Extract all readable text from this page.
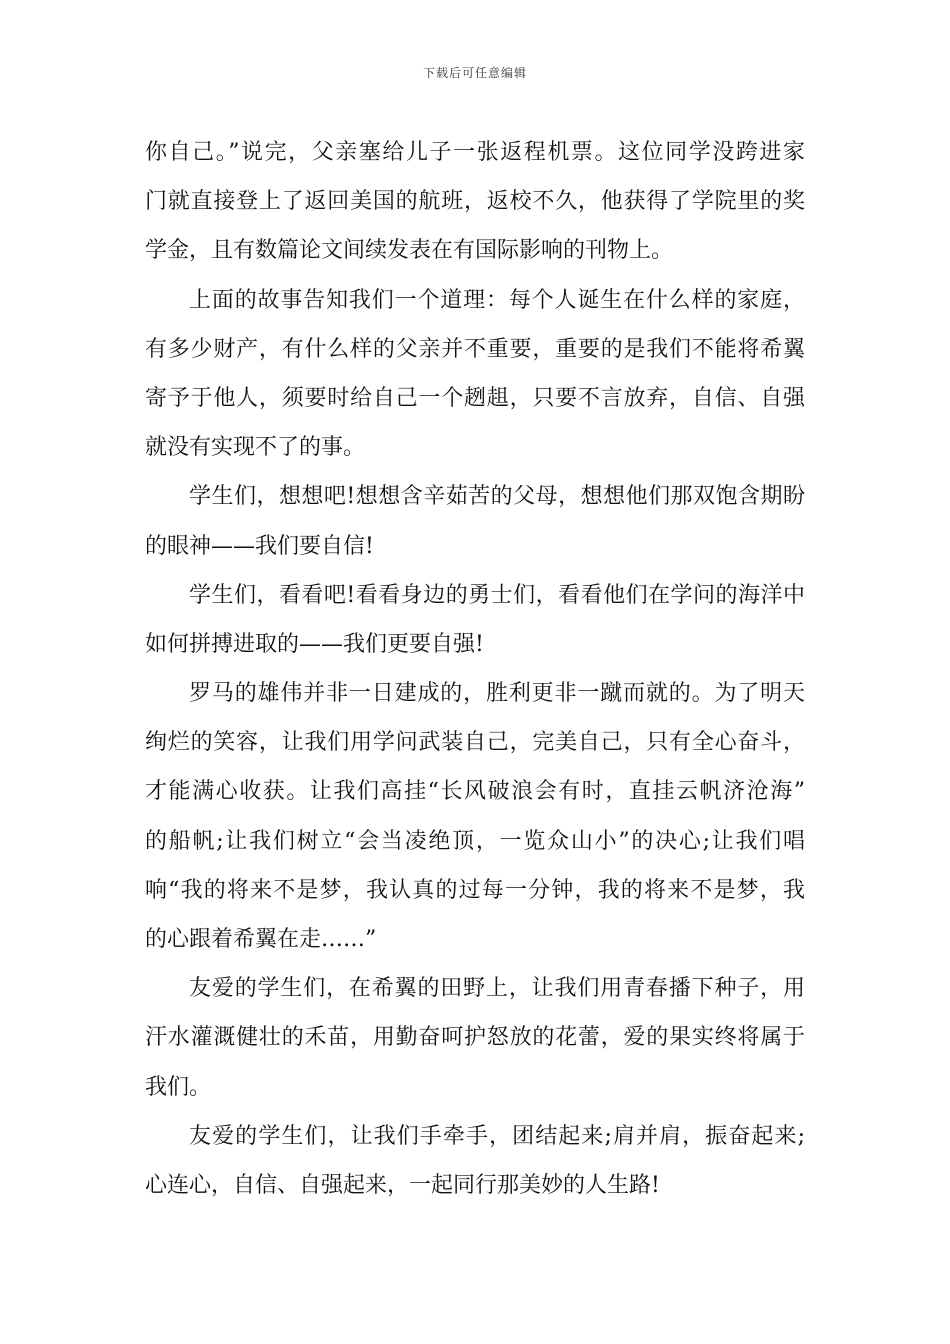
下载后可任意编辑
你自己。”说完，父亲塞给儿子一张返程机票。这位同学没跨进家
门就直接登上了返回美国的航班，返校不久，他获得了学院里的奖
学金，且有数篇论文间续发表在有国际影响的刊物上。
上面的故事告知我们一个道理：每个人诞生在什么样的家庭，
有多少财产，有什么样的父亲并不重要，重要的是我们不能将希翼
寄予于他人，须要时给自己一个趔趄，只要不言放弃，自信、自强
就没有实现不了的事。
学生们，想想吧!想想含辛茹苦的父母，想想他们那双饱含期盼
的眼神——我们要自信!
学生们，看看吧!看看身边的勇士们，看看他们在学问的海洋中
如何拼搏进取的——我们更要自强!
罗马的雄伟并非一日建成的，胜利更非一蹴而就的。为了明天
绚烂的笑容，让我们用学问武装自己，完美自己，只有全心奋斗，
才能满心收获。让我们高挂“长风破浪会有时，直挂云帆济沧海”
的船帆;让我们树立“会当凌绝顶，一览众山小”的决心;让我们唱
响“我的将来不是梦，我认真的过每一分钟，我的将来不是梦，我
的心跟着希翼在走……”
友爱的学生们，在希翼的田野上，让我们用青春播下种子，用
汗水灌溉健壮的禾苗，用勤奋呵护怒放的花蕾，爱的果实终将属于
我们。
友爱的学生们，让我们手牵手，团结起来;肩并肩，振奋起来;
心连心，自信、自强起来，一起同行那美妙的人生路!
